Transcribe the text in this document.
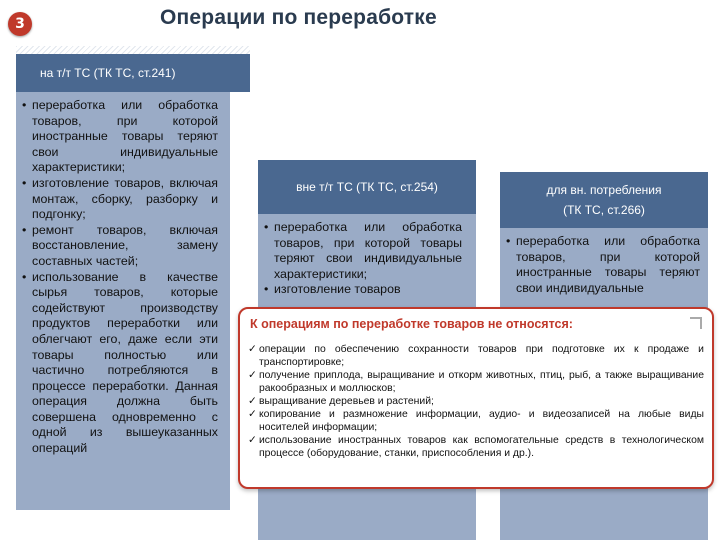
3	Операции по переработке
на т/т ТС (ТК ТС, ст.241)
• переработка или обработка товаров, при которой иностранные товары теряют свои индивидуальные характеристики;
• изготовление товаров, включая монтаж, сборку, разборку и подгонку;
• ремонт товаров, включая восстановление, замену составных частей;
• использование в качестве сырья товаров, которые содействуют производству продуктов переработки или облегчают его, даже если эти товары полностью или частично потребляются в процессе переработки. Данная операция должна быть совершена одновременно с одной из вышеуказанных операций
вне т/т ТС (ТК ТС, ст.254)
• переработка или обработка товаров, при которой товары теряют свои индивидуальные характеристики;
• изготовление товаров
для вн. потребления
(ТК ТС, ст.266)
• переработка или обработка товаров, при которой иностранные товары теряют свои индивидуальные
К операциям по переработке товаров не относятся:
✓ операции по обеспечению сохранности товаров при подготовке их к продаже и транспортировке;
✓ получение приплода, выращивание и откорм животных, птиц, рыб, а также выращивание ракообразных и моллюсков;
✓ выращивание деревьев и растений;
✓ копирование и размножение информации, аудио- и видеозаписей на любые виды носителей информации;
✓ использование иностранных товаров как вспомогательные средств в технологическом процессе (оборудование, станки, приспособления и др.).
